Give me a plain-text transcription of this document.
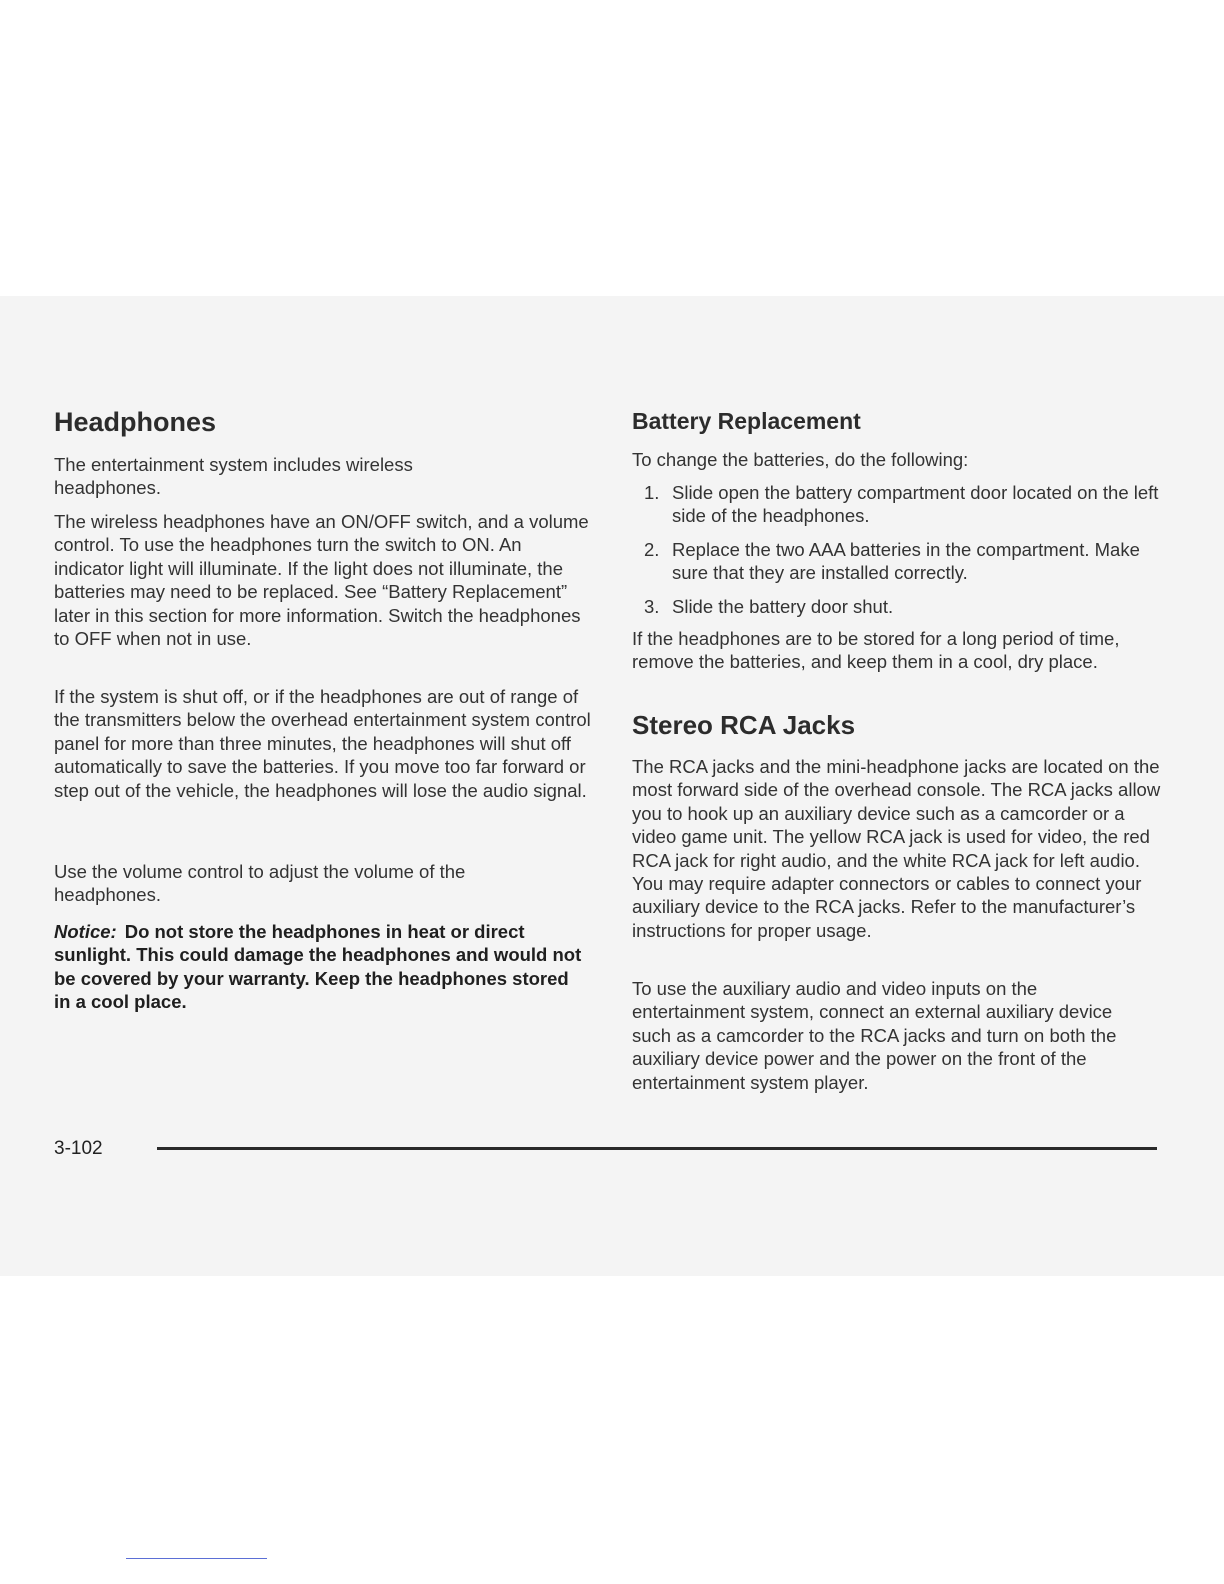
Headphones

The entertainment system includes wireless headphones.

The wireless headphones have an ON/OFF switch, and a volume control. To use the headphones turn the switch to ON. An indicator light will illuminate. If the light does not illuminate, the batteries may need to be replaced. See “Battery Replacement” later in this section for more information. Switch the headphones to OFF when not in use.

If the system is shut off, or if the headphones are out of range of the transmitters below the overhead entertainment system control panel for more than three minutes, the headphones will shut off automatically to save the batteries. If you move too far forward or step out of the vehicle, the headphones will lose the audio signal.

Use the volume control to adjust the volume of the headphones.

Notice: Do not store the headphones in heat or direct sunlight. This could damage the headphones and would not be covered by your warranty. Keep the headphones stored in a cool place.

Battery Replacement

To change the batteries, do the following:

1. Slide open the battery compartment door located on the left side of the headphones.
2. Replace the two AAA batteries in the compartment. Make sure that they are installed correctly.
3. Slide the battery door shut.

If the headphones are to be stored for a long period of time, remove the batteries, and keep them in a cool, dry place.

Stereo RCA Jacks

The RCA jacks and the mini-headphone jacks are located on the most forward side of the overhead console. The RCA jacks allow you to hook up an auxiliary device such as a camcorder or a video game unit. The yellow RCA jack is used for video, the red RCA jack for right audio, and the white RCA jack for left audio. You may require adapter connectors or cables to connect your auxiliary device to the RCA jacks. Refer to the manufacturer’s instructions for proper usage.

To use the auxiliary audio and video inputs on the entertainment system, connect an external auxiliary device such as a camcorder to the RCA jacks and turn on both the auxiliary device power and the power on the front of the entertainment system player.

3-102
